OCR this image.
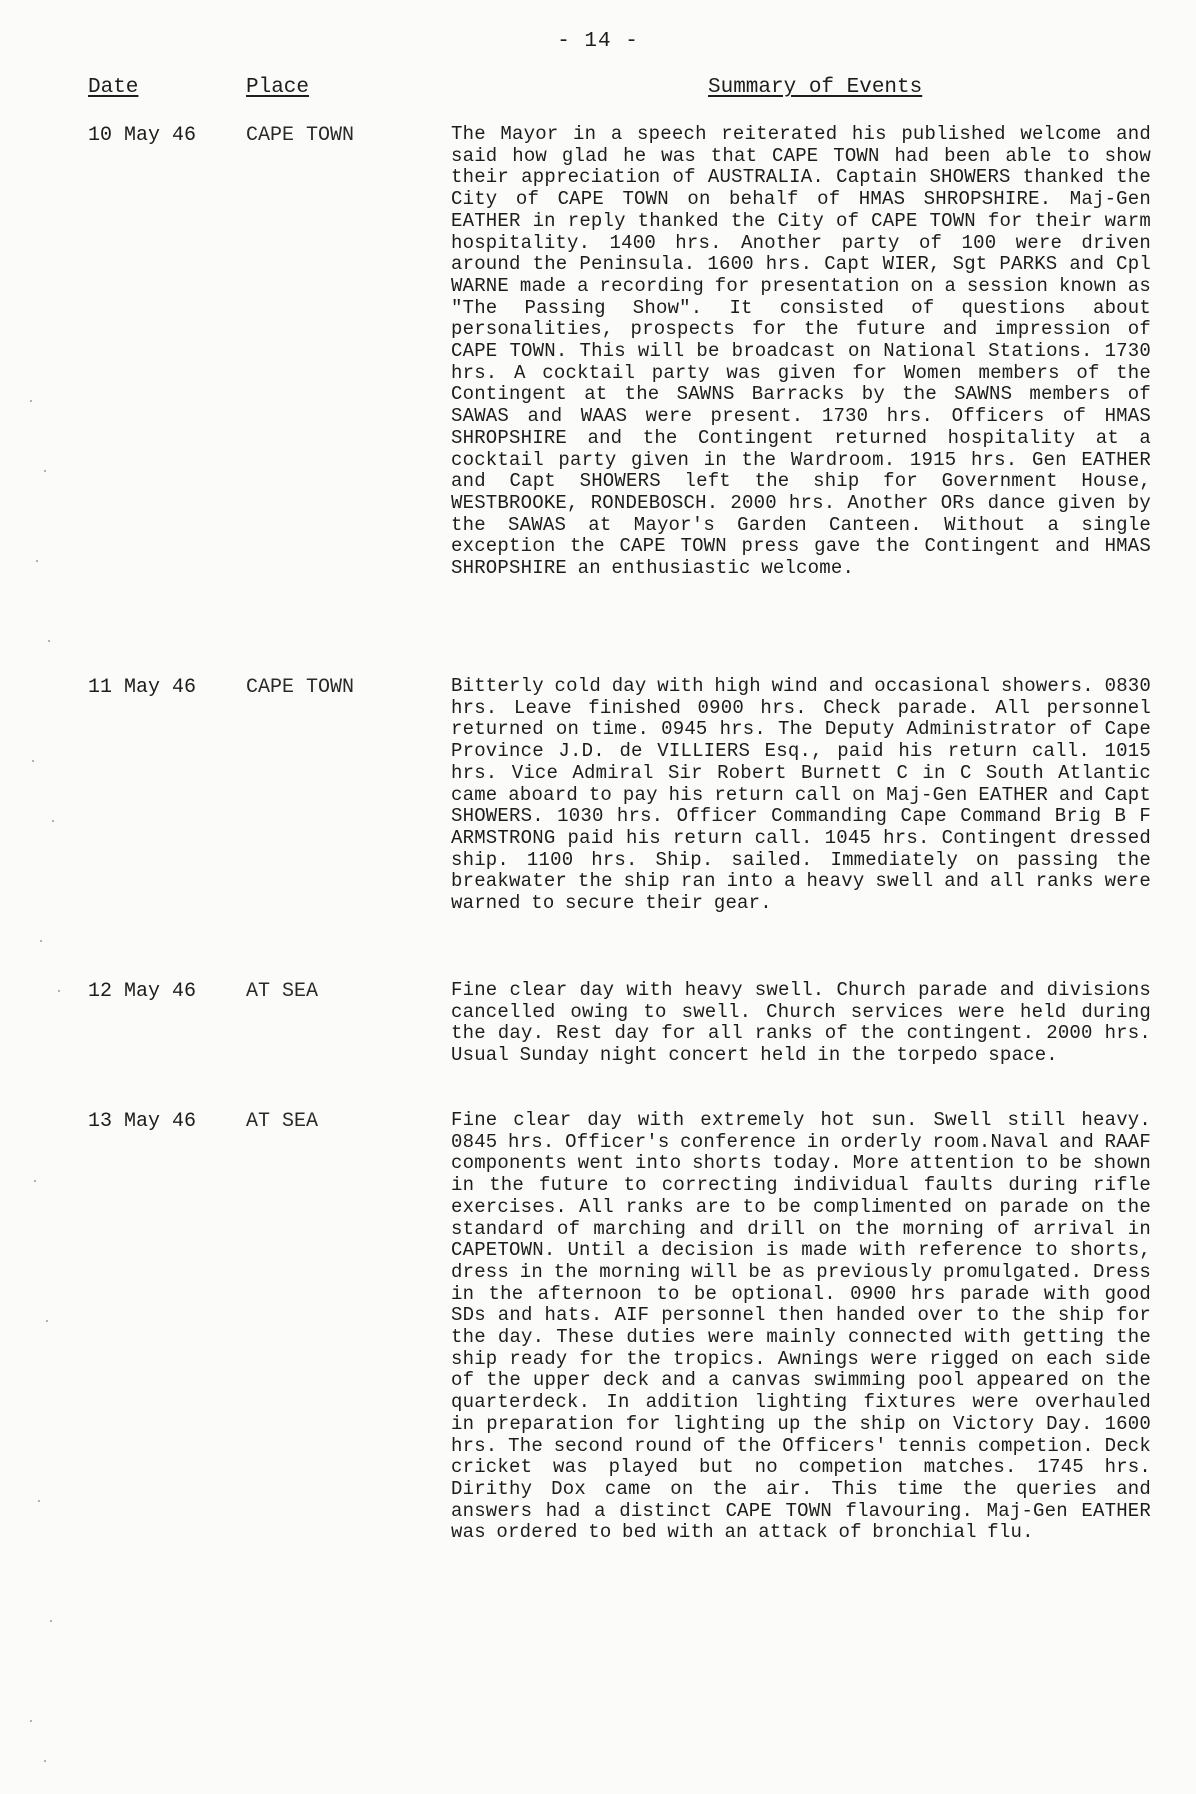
- 14 -
Date	Place	Summary of Events
10 May 46 CAPE TOWN	The Mayor in a speech reiterated his published welcome and said how glad he was that CAPE TOWN had been able to show their appreciation of AUSTRALIA. Captain SHOWERS thanked the City of CAPE TOWN on behalf of HMAS SHROPSHIRE. Maj-Gen EATHER in reply thanked the City of CAPE TOWN for their warm hospitality. 1400 hrs. Another party of 100 were driven around the Peninsula. 1600 hrs. Capt WIER, Sgt PARKS and Cpl WARNE made a recording for presentation on a session known as "The Passing Show". It consisted of questions about personalities, prospects for the future and impression of CAPE TOWN. This will be broadcast on National Stations. 1730 hrs. A cocktail party was given for Women members of the Contingent at the SAWNS Barracks by the SAWNS members of SAWAS and WAAS were present. 1730 hrs. Officers of HMAS SHROPSHIRE and the Contingent returned hospitality at a cocktail party given in the Wardroom. 1915 hrs. Gen EATHER and Capt SHOWERS left the ship for Government House, WESTBROOKE, RONDEBOSCH. 2000 hrs. Another ORs dance given by the SAWAS at Mayor's Garden Canteen. Without a single exception the CAPE TOWN press gave the Contingent and HMAS SHROPSHIRE an enthusiastic welcome.
11 May 46 CAPE TOWN	Bitterly cold day with high wind and occasional showers. 0830 hrs. Leave finished 0900 hrs. Check parade. All personnel returned on time. 0945 hrs. The Deputy Administrator of Cape Province J.D. de VILLIERS Esq., paid his return call. 1015 hrs. Vice Admiral Sir Robert Burnett C in C South Atlantic came aboard to pay his return call on Maj-Gen EATHER and Capt SHOWERS. 1030 hrs. Officer Commanding Cape Command Brig B F ARMSTRONG paid his return call. 1045 hrs. Contingent dressed ship. 1100 hrs. Ship. sailed. Immediately on passing the breakwater the ship ran into a heavy swell and all ranks were warned to secure their gear.
12 May 46 AT SEA	Fine clear day with heavy swell. Church parade and divisions cancelled owing to swell. Church services were held during the day. Rest day for all ranks of the contingent. 2000 hrs. Usual Sunday night concert held in the torpedo space.
13 May 46 AT SEA	Fine clear day with extremely hot sun. Swell still heavy. 0845 hrs. Officer's conference in orderly room.Naval and RAAF components went into shorts today. More attention to be shown in the future to correcting individual faults during rifle exercises. All ranks are to be complimented on parade on the standard of marching and drill on the morning of arrival in CAPETOWN. Until a decision is made with reference to shorts, dress in the morning will be as previously promulgated. Dress in the afternoon to be optional. 0900 hrs parade with good SDs and hats. AIF personnel then handed over to the ship for the day. These duties were mainly connected with getting the ship ready for the tropics. Awnings were rigged on each side of the upper deck and a canvas swimming pool appeared on the quarterdeck. In addition lighting fixtures were overhauled in preparation for lighting up the ship on Victory Day. 1600 hrs. The second round of the Officers' tennis competion. Deck cricket was played but no competion matches. 1745 hrs. Dirithy Dox came on the air. This time the queries and answers had a distinct CAPE TOWN flavouring. Maj-Gen EATHER was ordered to bed with an attack of bronchial flu.
